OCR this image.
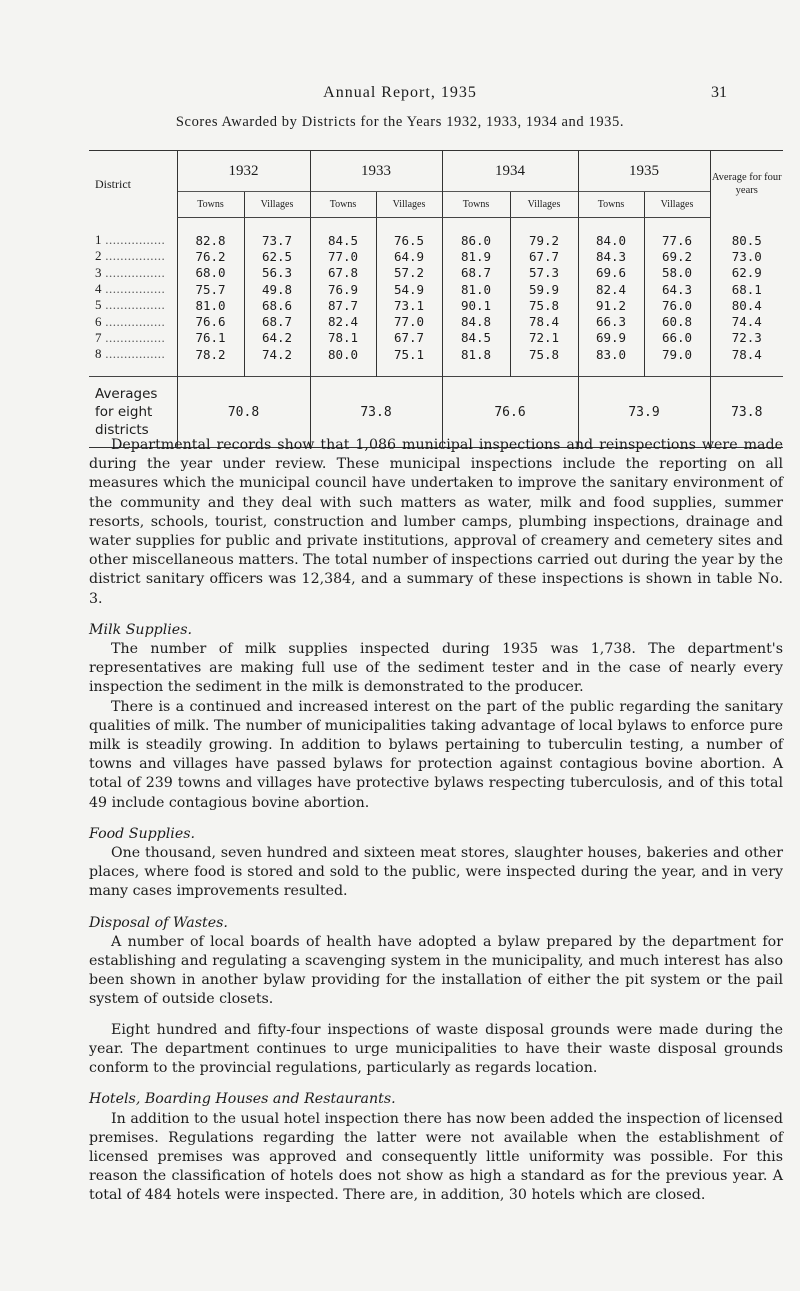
Annual Report, 1935	31
Scores Awarded by Districts for the Years 1932, 1933, 1934 and 1935.

District	1932		1933		1934		1935		Average for four years
	Towns	Villages	Towns	Villages	Towns	Villages	Towns	Villages	

1 ................	82.8	73.7	84.5	76.5	86.0	79.2	84.0	77.6	80.5
2 ................	76.2	62.5	77.0	64.9	81.9	67.7	84.3	69.2	73.0
3 ................	68.0	56.3	67.8	57.2	68.7	57.3	69.6	58.0	62.9
4 ................	75.7	49.8	76.9	54.9	81.0	59.9	82.4	64.3	68.1
5 ................	81.0	68.6	87.7	73.1	90.1	75.8	91.2	76.0	80.4
6 ................	76.6	68.7	82.4	77.0	84.8	78.4	66.3	60.8	74.4
7 ................	76.1	64.2	78.1	67.7	84.5	72.1	69.9	66.0	72.3
8 ................	78.2	74.2	80.0	75.1	81.8	75.8	83.0	79.0	78.4

Averages
for eight
districts	70.8		73.8		76.6		73.9		73.8

Departmental records show that 1,086 municipal inspections and reinspections were made during the year under review. These municipal inspections include the reporting on all measures which the municipal council have undertaken to improve the sanitary environment of the community and they deal with such matters as water, milk and food supplies, summer resorts, schools, tourist, construction and lumber camps, plumbing inspections, drainage and water supplies for public and private institutions, approval of creamery and cemetery sites and other miscellaneous matters. The total number of inspections carried out during the year by the district sanitary officers was 12,384, and a summary of these inspections is shown in table No. 3.

Milk Supplies.

The number of milk supplies inspected during 1935 was 1,738. The department's representatives are making full use of the sediment tester and in the case of nearly every inspection the sediment in the milk is demonstrated to the producer.

There is a continued and increased interest on the part of the public regarding the sanitary qualities of milk. The number of municipalities taking advantage of local bylaws to enforce pure milk is steadily growing. In addition to bylaws pertaining to tuberculin testing, a number of towns and villages have passed bylaws for protection against contagious bovine abortion. A total of 239 towns and villages have protective bylaws respecting tuberculosis, and of this total 49 include contagious bovine abortion.

Food Supplies.

One thousand, seven hundred and sixteen meat stores, slaughter houses, bakeries and other places, where food is stored and sold to the public, were inspected during the year, and in very many cases improvements resulted.

Disposal of Wastes.

A number of local boards of health have adopted a bylaw prepared by the department for establishing and regulating a scavenging system in the municipality, and much interest has also been shown in another bylaw providing for the installation of either the pit system or the pail system of outside closets.

Eight hundred and fifty-four inspections of waste disposal grounds were made during the year. The department continues to urge municipalities to have their waste disposal grounds conform to the provincial regulations, particularly as regards location.

Hotels, Boarding Houses and Restaurants.

In addition to the usual hotel inspection there has now been added the inspection of licensed premises. Regulations regarding the latter were not available when the establishment of licensed premises was approved and consequently little uniformity was possible. For this reason the classification of hotels does not show as high a standard as for the previous year. A total of 484 hotels were inspected. There are, in addition, 30 hotels which are closed.
